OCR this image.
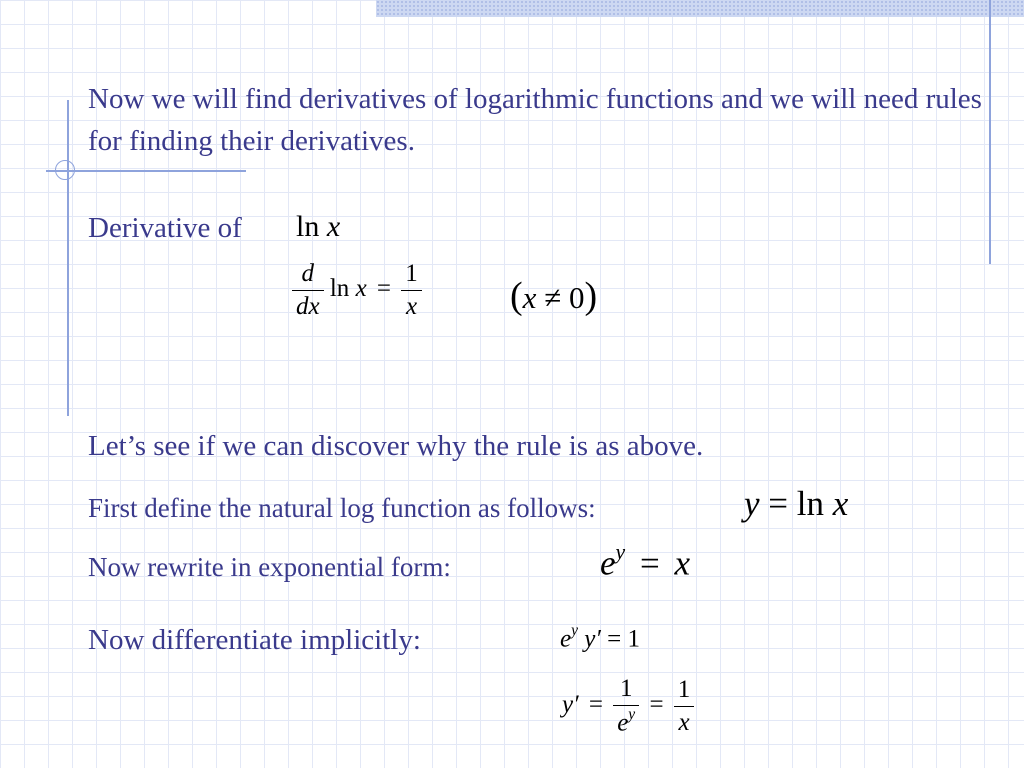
Now we will find derivatives of logarithmic functions and we will need rules for finding their derivatives.
Derivative of ln x
$\frac{d}{dx}$ $\ln x = \frac{1}{x} (x \ne 0)$
Let’s see if we can discover why the rule is as above.
First define the natural log function as follows:	y = ln x
Now rewrite in exponential form:	$e^y = x$
Now differentiate implicitly:	$e^y$ y′ = 1
$y' = \frac{1}{e^y} = \frac{1}{x}$
